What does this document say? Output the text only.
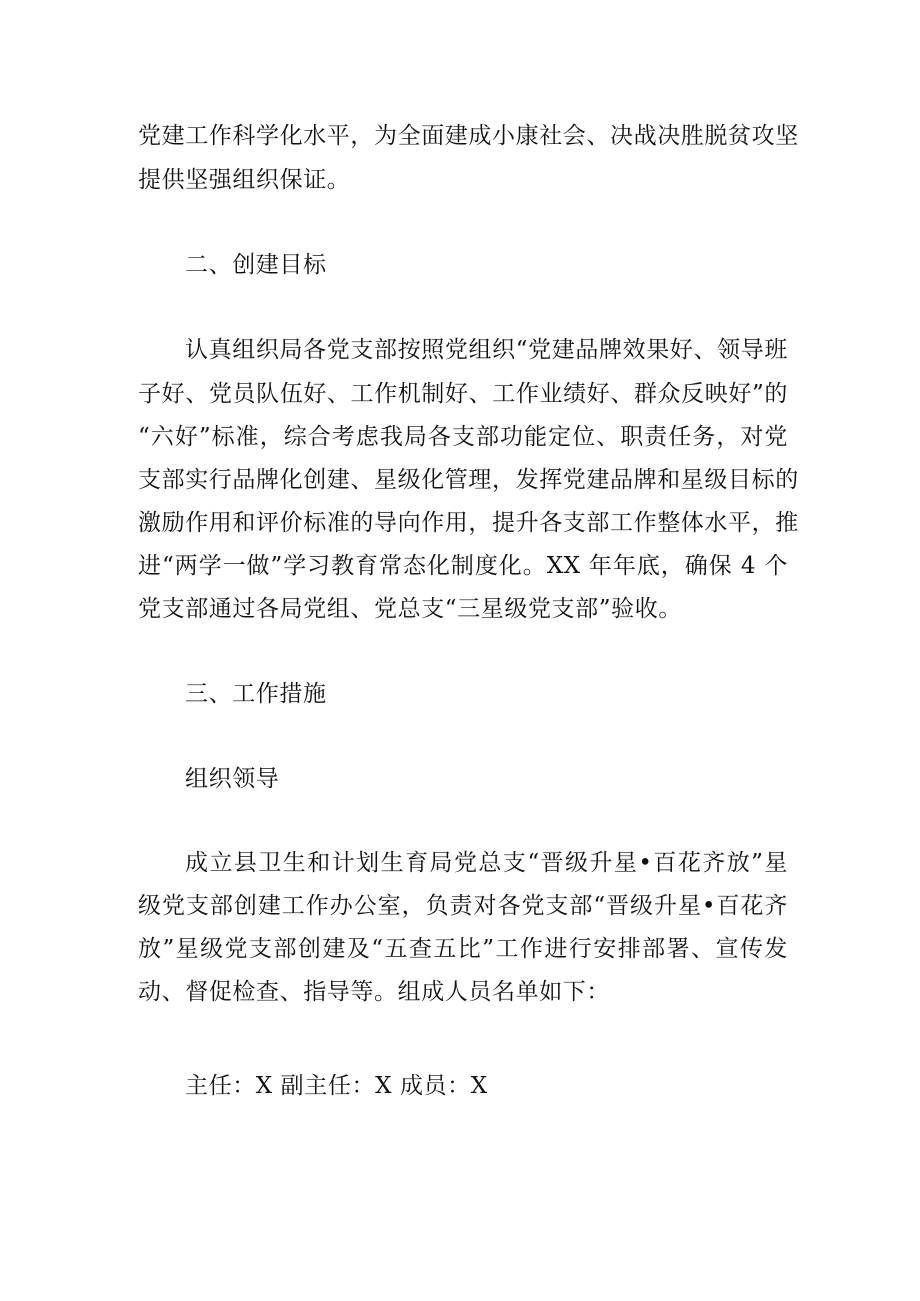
党建工作科学化水平，为全面建成小康社会、决战决胜脱贫攻坚
提供坚强组织保证。
二、创建目标
认真组织局各党支部按照党组织“党建品牌效果好、领导班
子好、党员队伍好、工作机制好、工作业绩好、群众反映好”的
“六好”标准，综合考虑我局各支部功能定位、职责任务，对党
支部实行品牌化创建、星级化管理，发挥党建品牌和星级目标的
激励作用和评价标准的导向作用，提升各支部工作整体水平，推
进“两学一做”学习教育常态化制度化。XX 年年底，确保 4 个
党支部通过各局党组、党总支“三星级党支部”验收。
三、工作措施
组织领导
成立县卫生和计划生育局党总支“晋级升星•百花齐放”星
级党支部创建工作办公室，负责对各党支部“晋级升星•百花齐
放”星级党支部创建及“五查五比”工作进行安排部署、宣传发
动、督促检查、指导等。组成人员名单如下：
主任：X 副主任：X 成员：X
